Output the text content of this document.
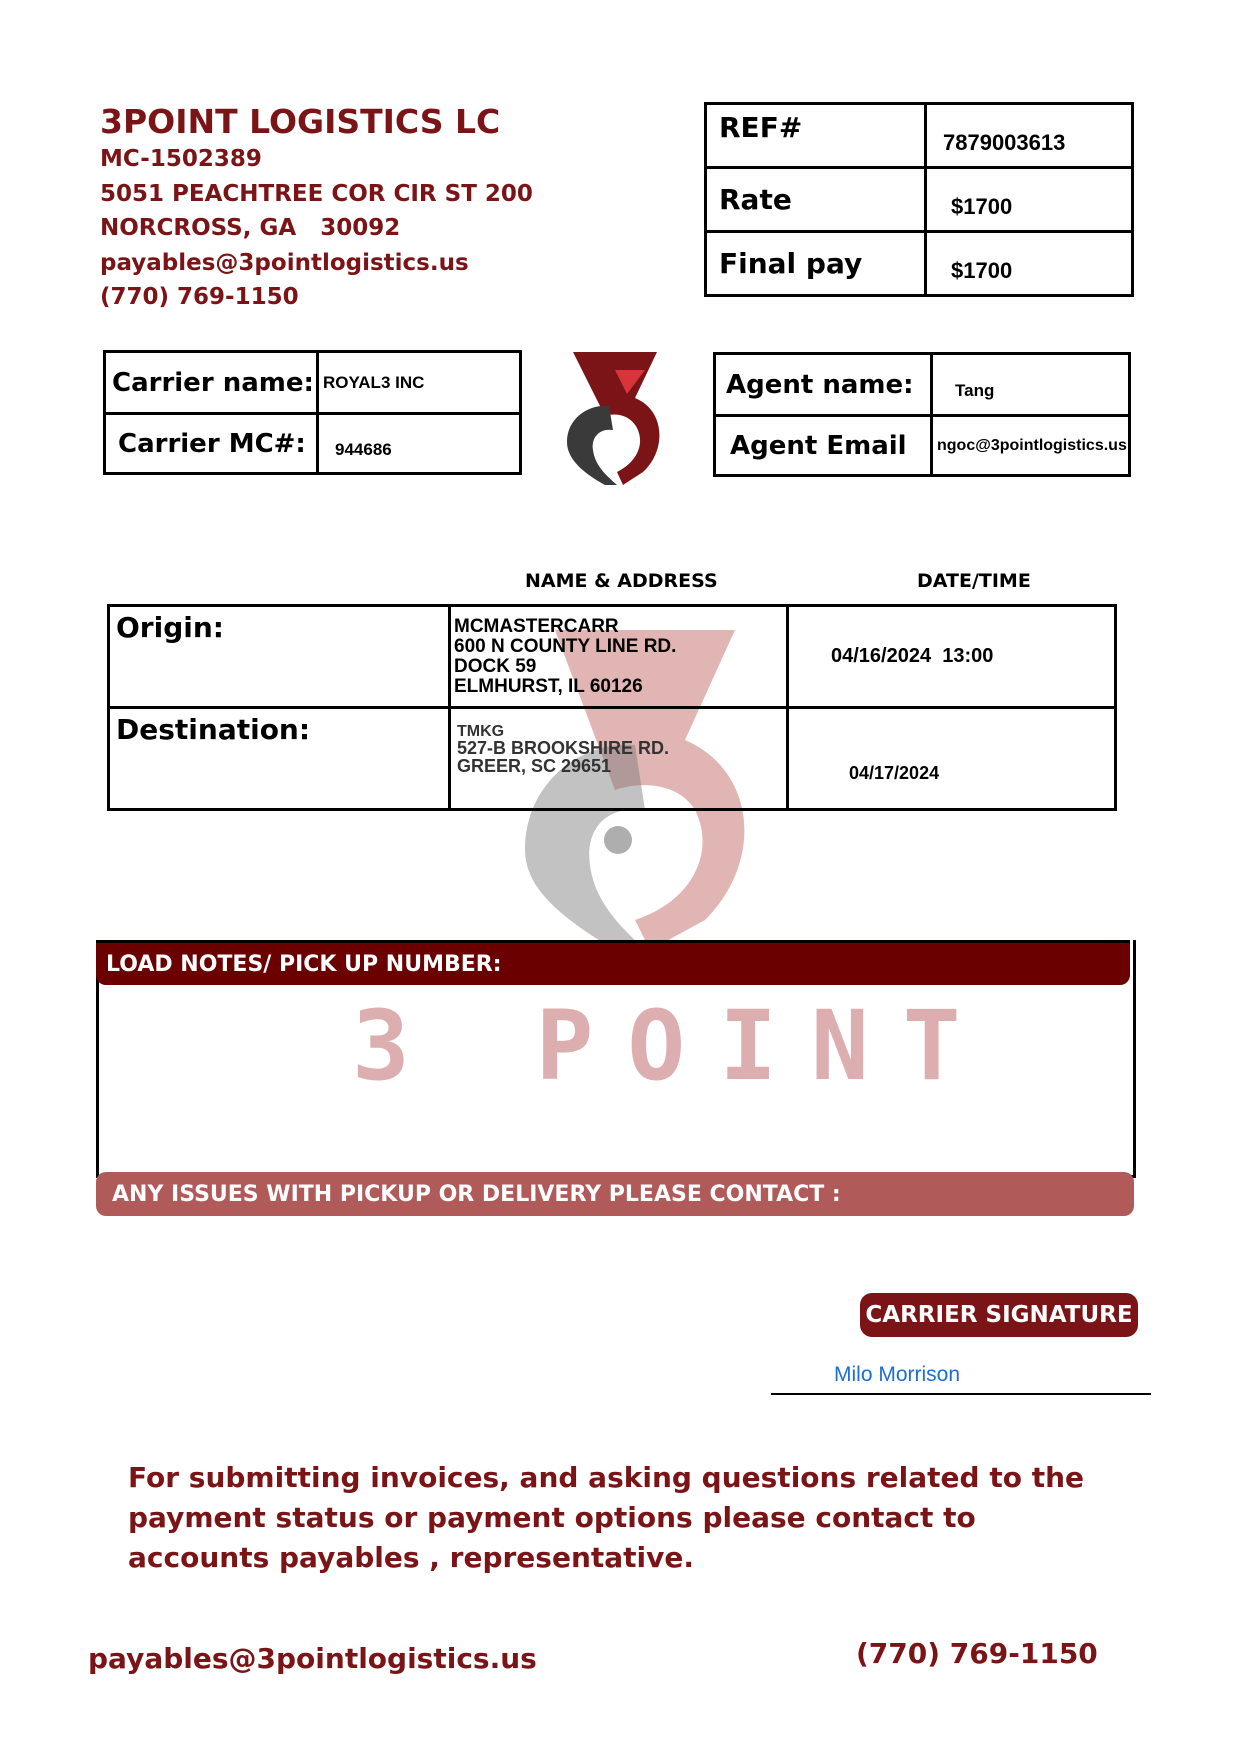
3POINT LOGISTICS LC
MC-1502389
5051 PEACHTREE COR CIR ST 200
NORCROSS, GA   30092
payables@3pointlogistics.us
(770) 769-1150
REF#	7879003613
Rate	$1700
Final pay	$1700
Carrier name:	ROYAL3 INC
Carrier MC#:	944686
Agent name:	Tang
Agent Email	ngoc@3pointlogistics.us
NAME & ADDRESS	DATE/TIME
Origin:	MCMASTERCARR
600 N COUNTY LINE RD.
DOCK 59
ELMHURST, IL 60126	04/16/2024  13:00
Destination:	TMKG
527-B BROOKSHIRE RD.
GREER, SC 29651	04/17/2024
LOAD NOTES/ PICK UP NUMBER:
3 POINT
ANY ISSUES WITH PICKUP OR DELIVERY PLEASE CONTACT :
CARRIER SIGNATURE
Milo Morrison
For submitting invoices, and asking questions related to the payment status or payment options please contact to accounts payables , representative.
payables@3pointlogistics.us	(770) 769-1150
